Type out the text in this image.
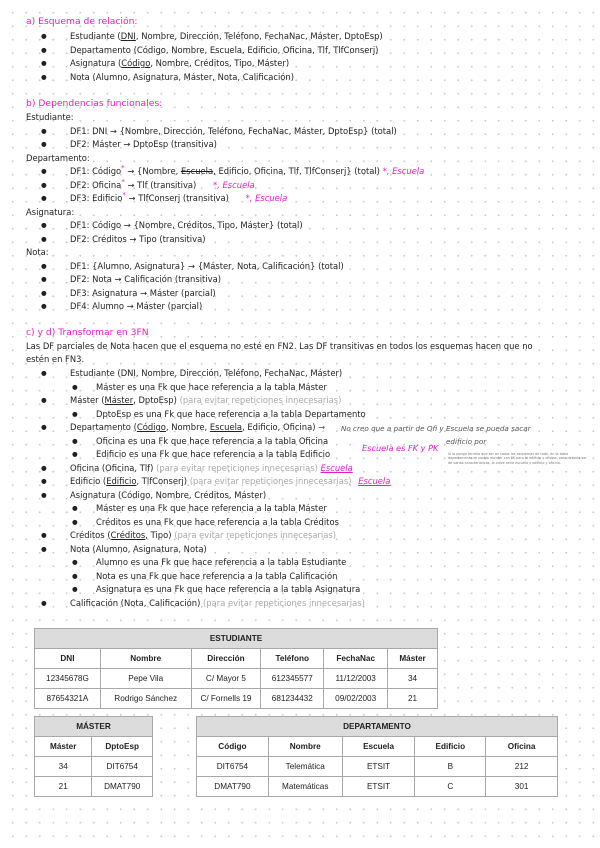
a) Esquema de relación:
● Estudiante (DNI, Nombre, Dirección, Teléfono, FechaNac, Máster, DptoEsp)
● Departamento (Código, Nombre, Escuela, Edificio, Oficina, Tlf, TlfConserj)
● Asignatura (Código, Nombre, Créditos, Tipo, Máster)
● Nota (Alumno, Asignatura, Máster, Nota, Calificación)
b) Dependencias funcionales:
Estudiante:
● DF1: DNI → {Nombre, Dirección, Teléfono, FechaNac, Máster, DptoEsp} (total)
● DF2: Máster → DptoEsp (transitiva)
Departamento:
● DF1: Código* → {Nombre, Escuela, Edificio, Oficina, Tlf, TlfConserj} (total) *, Escuela
● DF2: Oficina* → Tlf (transitiva) *, Escuela
● DF3: Edificio* → TlfConserj (transitiva) *, Escuela
Asignatura:
● DF1: Código → {Nombre, Créditos, Tipo, Máster} (total)
● DF2: Créditos → Tipo (transitiva)
Nota:
● DF1: {Alumno, Asignatura} → {Máster, Nota, Calificación} (total)
● DF2: Nota → Calificación (transitiva)
● DF3: Asignatura → Máster (parcial)
● DF4: Alumno → Máster (parcial)
c) y d) Transformar en 3FN
Las DF parciales de Nota hacen que el esquema no esté en FN2. Las DF transitivas en todos los esquemas hacen que no
estén en FN3.
● Estudiante (DNI, Nombre, Dirección, Teléfono, FechaNac, Máster)
● Máster es una Fk que hace referencia a la tabla Máster
● Máster (Máster, DptoEsp) (para evitar repeticiones innecesarias)
● DptoEsp es una Fk que hace referencia a la tabla Departamento
● Departamento (Código, Nombre, Escuela, Edificio, Oficina) →
● Oficina es una Fk que hace referencia a la tabla Oficina
● Edificio es una Fk que hace referencia a la tabla Edificio
● Oficina (Oficina, Tlf) (para evitar repeticiones innecesarias) Escuela
● Edificio (Edificio, TlfConserj) (para evitar repeticiones innecesarias) Escuela
● Asignatura (Código, Nombre, Créditos, Máster)
● Máster es una Fk que hace referencia a la tabla Máster
● Créditos es una Fk que hace referencia a la tabla Créditos
● Créditos (Créditos, Tipo) (para evitar repeticiones innecesarias)
● Nota (Alumno, Asignatura, Nota)
● Alumno es una Fk que hace referencia a la tabla Estudiante
● Nota es una Fk que hace referencia a la tabla Calificación
● Asignatura es una Fk que hace referencia a la tabla Asignatura
● Calificación (Nota, Calificación) (para evitar repeticiones innecesarias)
No creo que a partir de Ofi y Escuela se pueda sacar
edificio por
Escuela es FK y PK
Si lo pongo tendría que ser en todos los esquemas de todo, en la tabla departamento se podría escribir con FK para la edificio y oficina, pero debería ser de varias características, la clave sería escuela y edificio y oficina.
ESTUDIANTE					
DNI	Nombre	Dirección	Teléfono	FechaNac	Máster
12345678G	Pepe Vila	C/ Mayor 5	612345577	11/12/2003	34
87654321A	Rodrigo Sánchez	C/ Fornells 19	681234432	09/02/2003	21
MÁSTER	
Máster	DptoEsp
34	DIT6754
21	DMAT790
DEPARTAMENTO				
Código	Nombre	Escuela	Edificio	Oficina
DIT6754	Telemática	ETSIT	B	212
DMAT790	Matemáticas	ETSIT	C	301
